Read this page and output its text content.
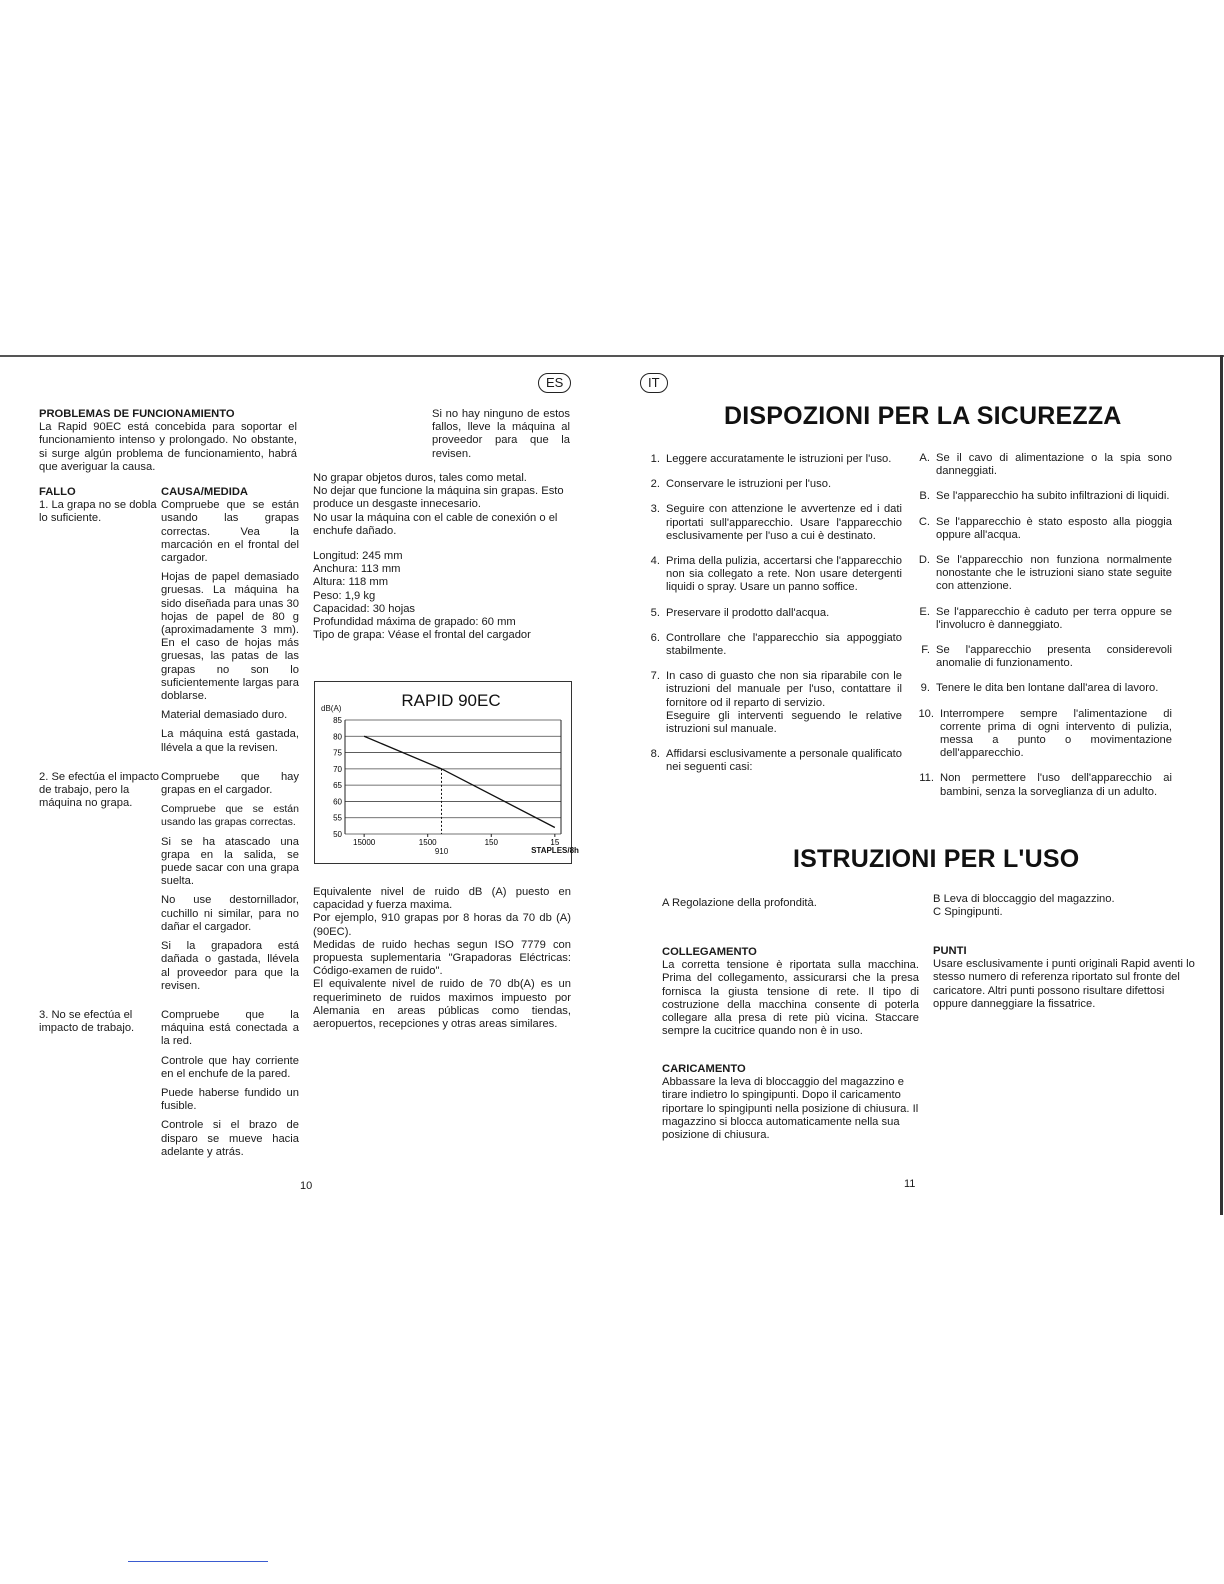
ES
PROBLEMAS DE FUNCIONAMIENTO
La Rapid 90EC está concebida para soportar el funcionamiento intenso y prolongado. No obstante, si surge algún problema de funcionamiento, habrá que averiguar la causa.
FALLO	CAUSA/MEDIDA
1. La grapa no se dobla lo suficiente.
Compruebe que se están usando las grapas correctas. Vea la marcación en el frontal del cargador.
Hojas de papel demasiado gruesas. La máquina ha sido diseñada para unas 30 hojas de papel de 80 g (aproximadamente 3 mm). En el caso de hojas más gruesas, las patas de las grapas no son lo suficientemente largas para doblarse.
Material demasiado duro.
La máquina está gastada, llévela a que la revisen.
2. Se efectúa el impacto de trabajo, pero la máquina no grapa.
Compruebe que hay grapas en el cargador.
Compruebe que se están usando las grapas correctas.
Si se ha atascado una grapa en la salida, se puede sacar con una grapa suelta.
No use destornillador, cuchillo ni similar, para no dañar el cargador.
Si la grapadora está dañada o gastada, llévela al proveedor para que la revisen.
3. No se efectúa el impacto de trabajo.
Compruebe que la máquina está conectada a la red.
Controle que hay corriente en el enchufe de la pared.
Puede haberse fundido un fusible.
Controle si el brazo de disparo se mueve hacia adelante y atrás.
Si no hay ninguno de estos fallos, lleve la máquina al proveedor para que la revisen.
No grapar objetos duros, tales como metal.
No dejar que funcione la máquina sin grapas. Esto produce un desgaste innecesario.
No usar la máquina con el cable de conexión o el enchufe dañado.
Longitud: 245 mm
Anchura: 113 mm
Altura: 118 mm
Peso: 1,9 kg
Capacidad: 30 hojas
Profundidad máxima de grapado: 60 mm
Tipo de grapa: Véase el frontal del cargador
RAPID 90EC
dB(A)
50
55
60
65
70
75
80
85
15000	1500	150	15
910	STAPLES/8h
Equivalente nivel de ruido dB (A) puesto en capacidad y fuerza maxima.
Por ejemplo, 910 grapas por 8 horas da 70 db (A) (90EC).
Medidas de ruido hechas segun ISO 7779 con propuesta suplementaria "Grapadoras Eléctricas: Código-examen de ruido".
El equivalente nivel de ruido de 70 db(A) es un requerimineto de ruidos maximos impuesto por Alemania en areas públicas como tiendas, aeropuertos, recepciones y otras areas similares.
10
IT
DISPOZIONI PER LA SICUREZZA
1. Leggere accuratamente le istruzioni per l'uso.
2. Conservare le istruzioni per l'uso.
3. Seguire con attenzione le avvertenze ed i dati riportati sull'apparecchio. Usare l'apparecchio esclusivamente per l'uso a cui è destinato.
4. Prima della pulizia, accertarsi che l'apparecchio non sia collegato a rete. Non usare detergenti liquidi o spray. Usare un panno soffice.
5. Preservare il prodotto dall'acqua.
6. Controllare che l'apparecchio sia appoggiato stabilmente.
7. In caso di guasto che non sia riparabile con le istruzioni del manuale per l'uso, contattare il fornitore od il reparto di servizio.
Eseguire gli interventi seguendo le relative istruzioni sul manuale.
8. Affidarsi esclusivamente a personale qualificato nei seguenti casi:
A. Se il cavo di alimentazione o la spia sono danneggiati.
B. Se l'apparecchio ha subito infiltrazioni di liquidi.
C. Se l'apparecchio è stato esposto alla pioggia oppure all'acqua.
D. Se l'apparecchio non funziona normalmente nonostante che le istruzioni siano state seguite con attenzione.
E. Se l'apparecchio è caduto per terra oppure se l'involucro è danneggiato.
F. Se l'apparecchio presenta considerevoli anomalie di funzionamento.
9. Tenere le dita ben lontane dall'area di lavoro.
10. Interrompere sempre l'alimentazione di corrente prima di ogni intervento di pulizia, messa a punto o movimentazione dell'apparecchio.
11. Non permettere l'uso dell'apparecchio ai bambini, senza la sorveglianza di un adulto.
ISTRUZIONI PER L'USO
A Regolazione della profondità.	B Leva di bloccaggio del magazzino.
C Spingipunti.
COLLEGAMENTO
La corretta tensione è riportata sulla macchina. Prima del collegamento, assicurarsi che la presa fornisca la giusta tensione di rete. Il tipo di costruzione della macchina consente di poterla collegare alla presa di rete più vicina. Staccare sempre la cucitrice quando non è in uso.
CARICAMENTO
Abbassare la leva di bloccaggio del magazzino e tirare indietro lo spingipunti. Dopo il caricamento riportare lo spingipunti nella posizione di chiusura. Il magazzino si blocca automaticamente nella sua posizione di chiusura.
PUNTI
Usare esclusivamente i punti originali Rapid aventi lo stesso numero di referenza riportato sul fronte del caricatore. Altri punti possono risultare difettosi oppure danneggiare la fissatrice.
11
